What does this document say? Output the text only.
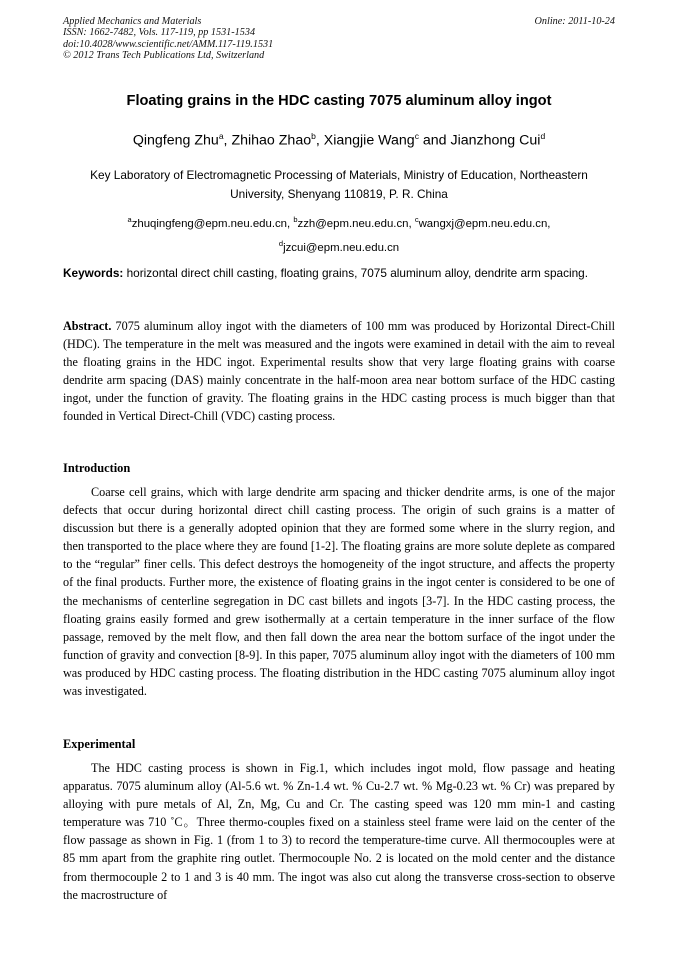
Applied Mechanics and Materials
ISSN: 1662-7482, Vols. 117-119, pp 1531-1534
doi:10.4028/www.scientific.net/AMM.117-119.1531
© 2012 Trans Tech Publications Ltd, Switzerland
Online: 2011-10-24
Floating grains in the HDC casting 7075 aluminum alloy ingot
Qingfeng Zhu$^a$, Zhihao Zhao$^b$, Xiangjie Wang$^c$ and Jianzhong Cui$^d$
Key Laboratory of Electromagnetic Processing of Materials, Ministry of Education, Northeastern
University, Shenyang 110819, P. R. China
$^a$zhuqingfeng@epm.neu.edu.cn, $^b$zzh@epm.neu.edu.cn, $^c$wangxj@epm.neu.edu.cn,
$^d$jzcui@epm.neu.edu.cn
Keywords: horizontal direct chill casting, floating grains, 7075 aluminum alloy, dendrite arm spacing.
Abstract. 7075 aluminum alloy ingot with the diameters of 100 mm was produced by Horizontal Direct-Chill (HDC). The temperature in the melt was measured and the ingots were examined in detail with the aim to reveal the floating grains in the HDC ingot. Experimental results show that very large floating grains with coarse dendrite arm spacing (DAS) mainly concentrate in the half-moon area near bottom surface of the HDC casting ingot, under the function of gravity. The floating grains in the HDC casting process is much bigger than that founded in Vertical Direct-Chill (VDC) casting process.
Introduction
Coarse cell grains, which with large dendrite arm spacing and thicker dendrite arms, is one of the major defects that occur during horizontal direct chill casting process. The origin of such grains is a matter of discussion but there is a generally adopted opinion that they are formed some where in the slurry region, and then transported to the place where they are found [1-2]. The floating grains are more solute deplete as compared to the “regular” finer cells. This defect destroys the homogeneity of the ingot structure, and affects the property of the final products. Further more, the existence of floating grains in the ingot center is considered to be one of the mechanisms of centerline segregation in DC cast billets and ingots [3-7]. In the HDC casting process, the floating grains easily formed and grew isothermally at a certain temperature in the inner surface of the flow passage, removed by the melt flow, and then fall down the area near the bottom surface of the ingot under the function of gravity and convection [8-9]. In this paper, 7075 aluminum alloy ingot with the diameters of 100 mm was produced by HDC casting process. The floating distribution in the HDC casting 7075 aluminum alloy ingot was investigated.
Experimental
The HDC casting process is shown in Fig.1, which includes ingot mold, flow passage and heating apparatus. 7075 aluminum alloy (Al-5.6 wt. % Zn-1.4 wt. % Cu-2.7 wt. % Mg-0.23 wt. % Cr) was prepared by alloying with pure metals of Al, Zn, Mg, Cu and Cr. The casting speed was 120 mm min-1 and casting temperature was 710 ˚C。Three thermo-couples fixed on a stainless steel frame were laid on the center of the flow passage as shown in Fig. 1 (from 1 to 3) to record the temperature-time curve. All thermocouples were at 85 mm apart from the graphite ring outlet. Thermocouple No. 2 is located on the mold center and the distance from thermocouple 2 to 1 and 3 is 40 mm. The ingot was also cut along the transverse cross-section to observe the macrostructure of
